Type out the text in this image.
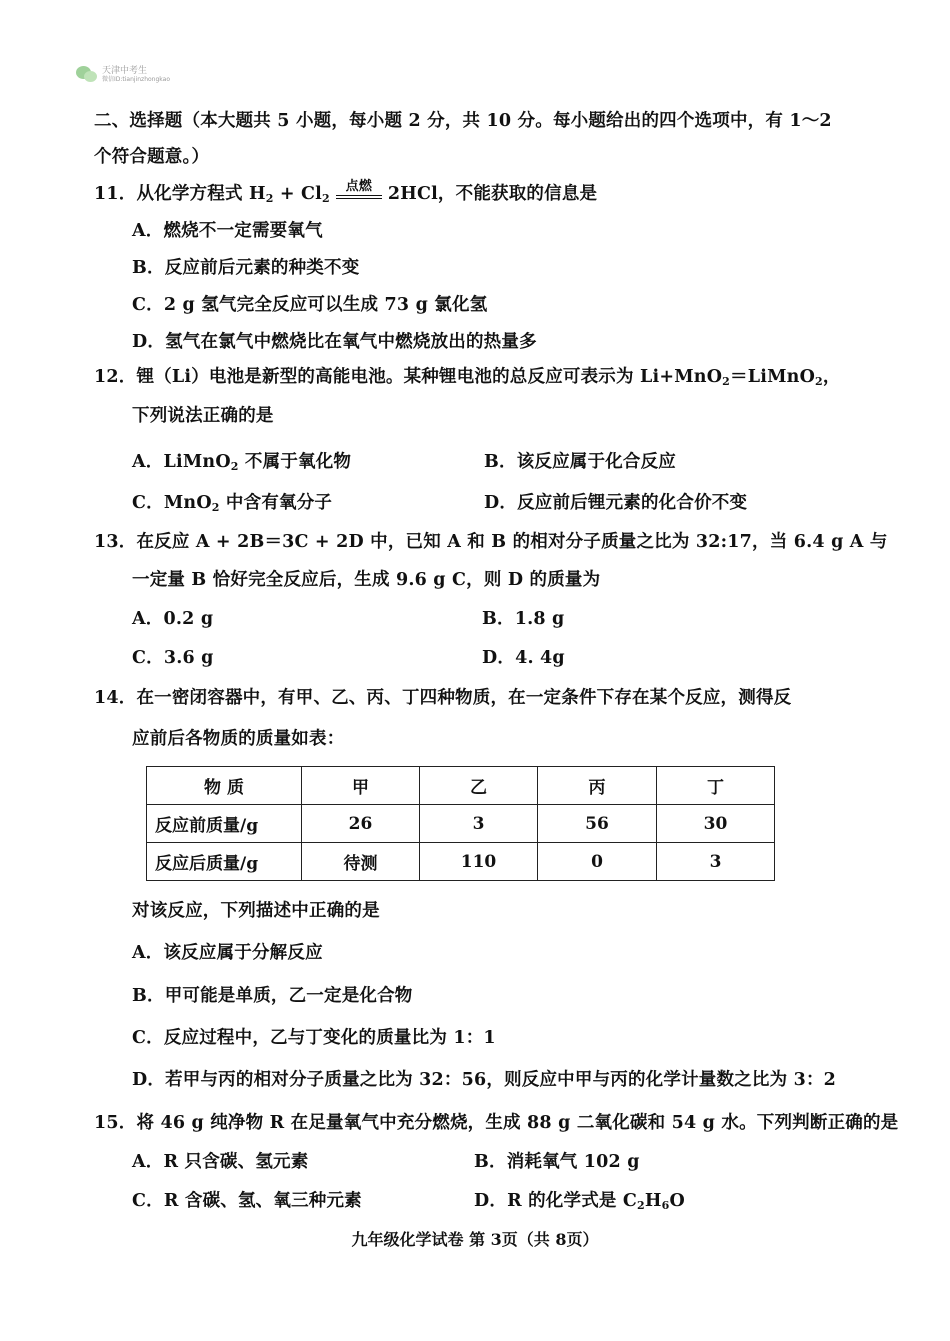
天津中考生
微信ID:tianjinzhongkao
二、选择题（本大题共 5 小题，每小题 2 分，共 10 分。每小题给出的四个选项中，有 1～2
个符合题意。）
11．从化学方程式 $H_2 + Cl_2$
点燃 2HCl，不能获取的信息是
A．燃烧不一定需要氧气
B．反应前后元素的种类不变
C．2 g 氢气完全反应可以生成 73 g 氯化氢
D．氢气在氯气中燃烧比在氧气中燃烧放出的热量多
12．锂（Li）电池是新型的高能电池。某种锂电池的总反应可表示为 Li+MnO$_2$＝LiMnO$_2$，
下列说法正确的是
A．LiMnO$_2$ 不属于氧化物	B．该反应属于化合反应
C．MnO$_2$ 中含有氧分子	D．反应前后锂元素的化合价不变
13．在反应 A + 2B＝3C + 2D 中，已知 A 和 B 的相对分子质量之比为 32:17，当 6.4 g A 与
一定量 B 恰好完全反应后，生成 9.6 g C，则 D 的质量为
A．0.2 g	B．1.8 g
C．3.6 g	D．4. 4g
14．在一密闭容器中，有甲、乙、丙、丁四种物质，在一定条件下存在某个反应，测得反
应前后各物质的质量如表：
物 质	甲	乙	丙	丁
反应前质量/g	26	3	56	30
反应后质量/g	待测	110	0	3
对该反应，下列描述中正确的是
A．该反应属于分解反应
B．甲可能是单质，乙一定是化合物
C．反应过程中，乙与丁变化的质量比为 1：1
D．若甲与丙的相对分子质量之比为 32：56，则反应中甲与丙的化学计量数之比为 3：2
15．将 46 g 纯净物 R 在足量氧气中充分燃烧，生成 88 g 二氧化碳和 54 g 水。下列判断正确的是
A．R 只含碳、氢元素	B．消耗氧气 102 g
C．R 含碳、氢、氧三种元素	D．R 的化学式是 $C_2H_6O$
九年级化学试卷 第 3页（共 8页）
